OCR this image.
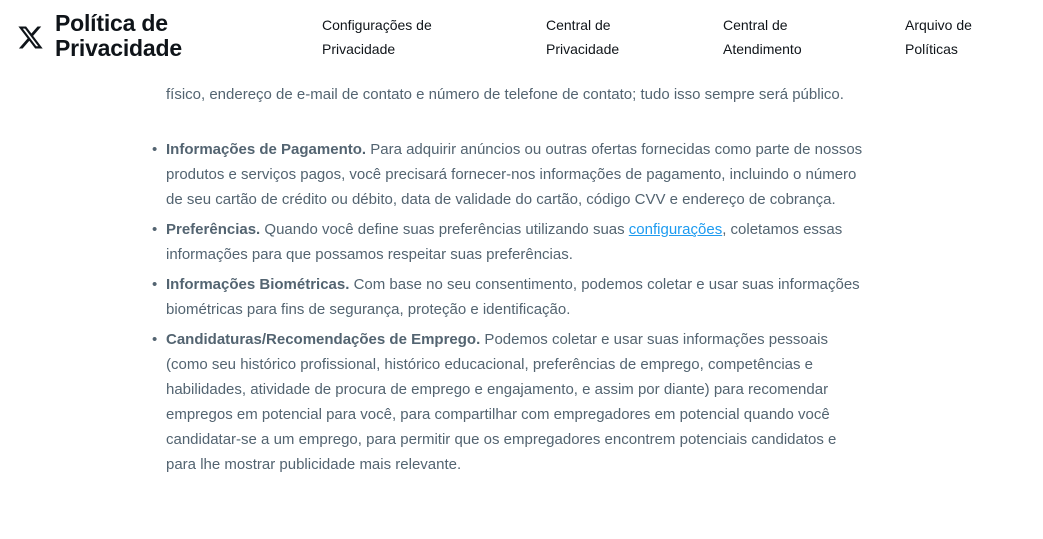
Política de
Privacidade
Configurações de
Privacidade
Central de
Privacidade
Central de
Atendimento
Arquivo de
Políticas

físico, endereço de e-mail de contato e número de telefone de contato; tudo isso sempre será público.

• Informações de Pagamento. Para adquirir anúncios ou outras ofertas fornecidas como parte de nossos produtos e serviços pagos, você precisará fornecer-nos informações de pagamento, incluindo o número de seu cartão de crédito ou débito, data de validade do cartão, código CVV e endereço de cobrança.
• Preferências. Quando você define suas preferências utilizando suas configurações, coletamos essas informações para que possamos respeitar suas preferências.
• Informações Biométricas. Com base no seu consentimento, podemos coletar e usar suas informações biométricas para fins de segurança, proteção e identificação.
• Candidaturas/Recomendações de Emprego. Podemos coletar e usar suas informações pessoais (como seu histórico profissional, histórico educacional, preferências de emprego, competências e habilidades, atividade de procura de emprego e engajamento, e assim por diante) para recomendar empregos em potencial para você, para compartilhar com empregadores em potencial quando você candidatar-se a um emprego, para permitir que os empregadores encontrem potenciais candidatos e para lhe mostrar publicidade mais relevante.
